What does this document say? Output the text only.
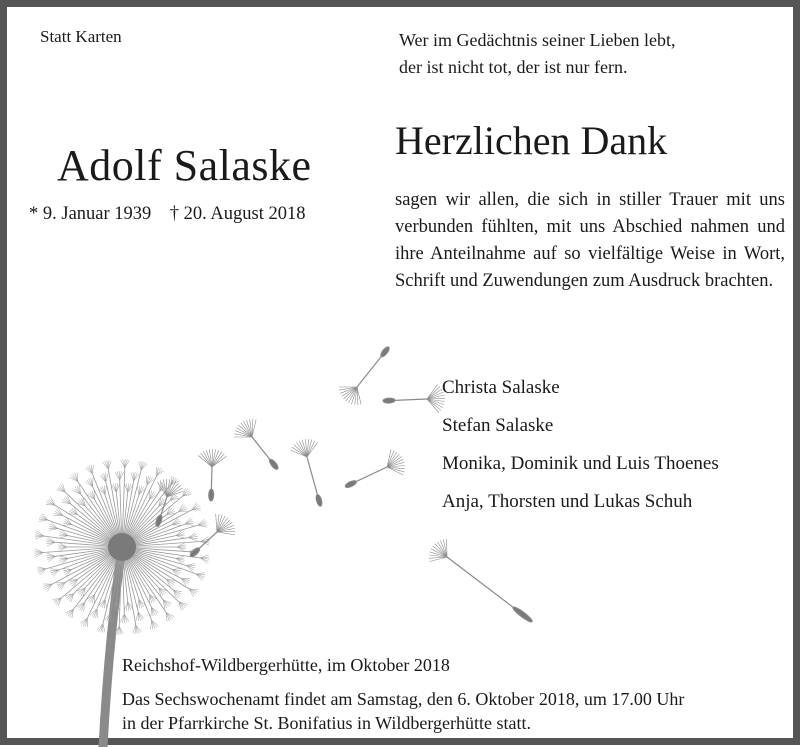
Statt Karten	Wer im Gedächtnis seiner Lieben lebt,
der ist nicht tot, der ist nur fern.
Adolf Salaske
* 9. Januar 1939    † 20. August 2018
Herzlichen Dank
sagen wir allen, die sich in stiller Trauer mit uns verbunden fühlten, mit uns Abschied nahmen und ihre Anteilnahme auf so vielfältige Weise in Wort, Schrift und Zuwendungen zum Ausdruck brachten.
Christa Salaske
Stefan Salaske
Monika, Dominik und Luis Thoenes
Anja, Thorsten und Lukas Schuh
Reichshof-Wildbergerhütte, im Oktober 2018
Das Sechswochenamt findet am Samstag, den 6. Oktober 2018, um 17.00 Uhr
in der Pfarrkirche St. Bonifatius in Wildbergerhütte statt.
